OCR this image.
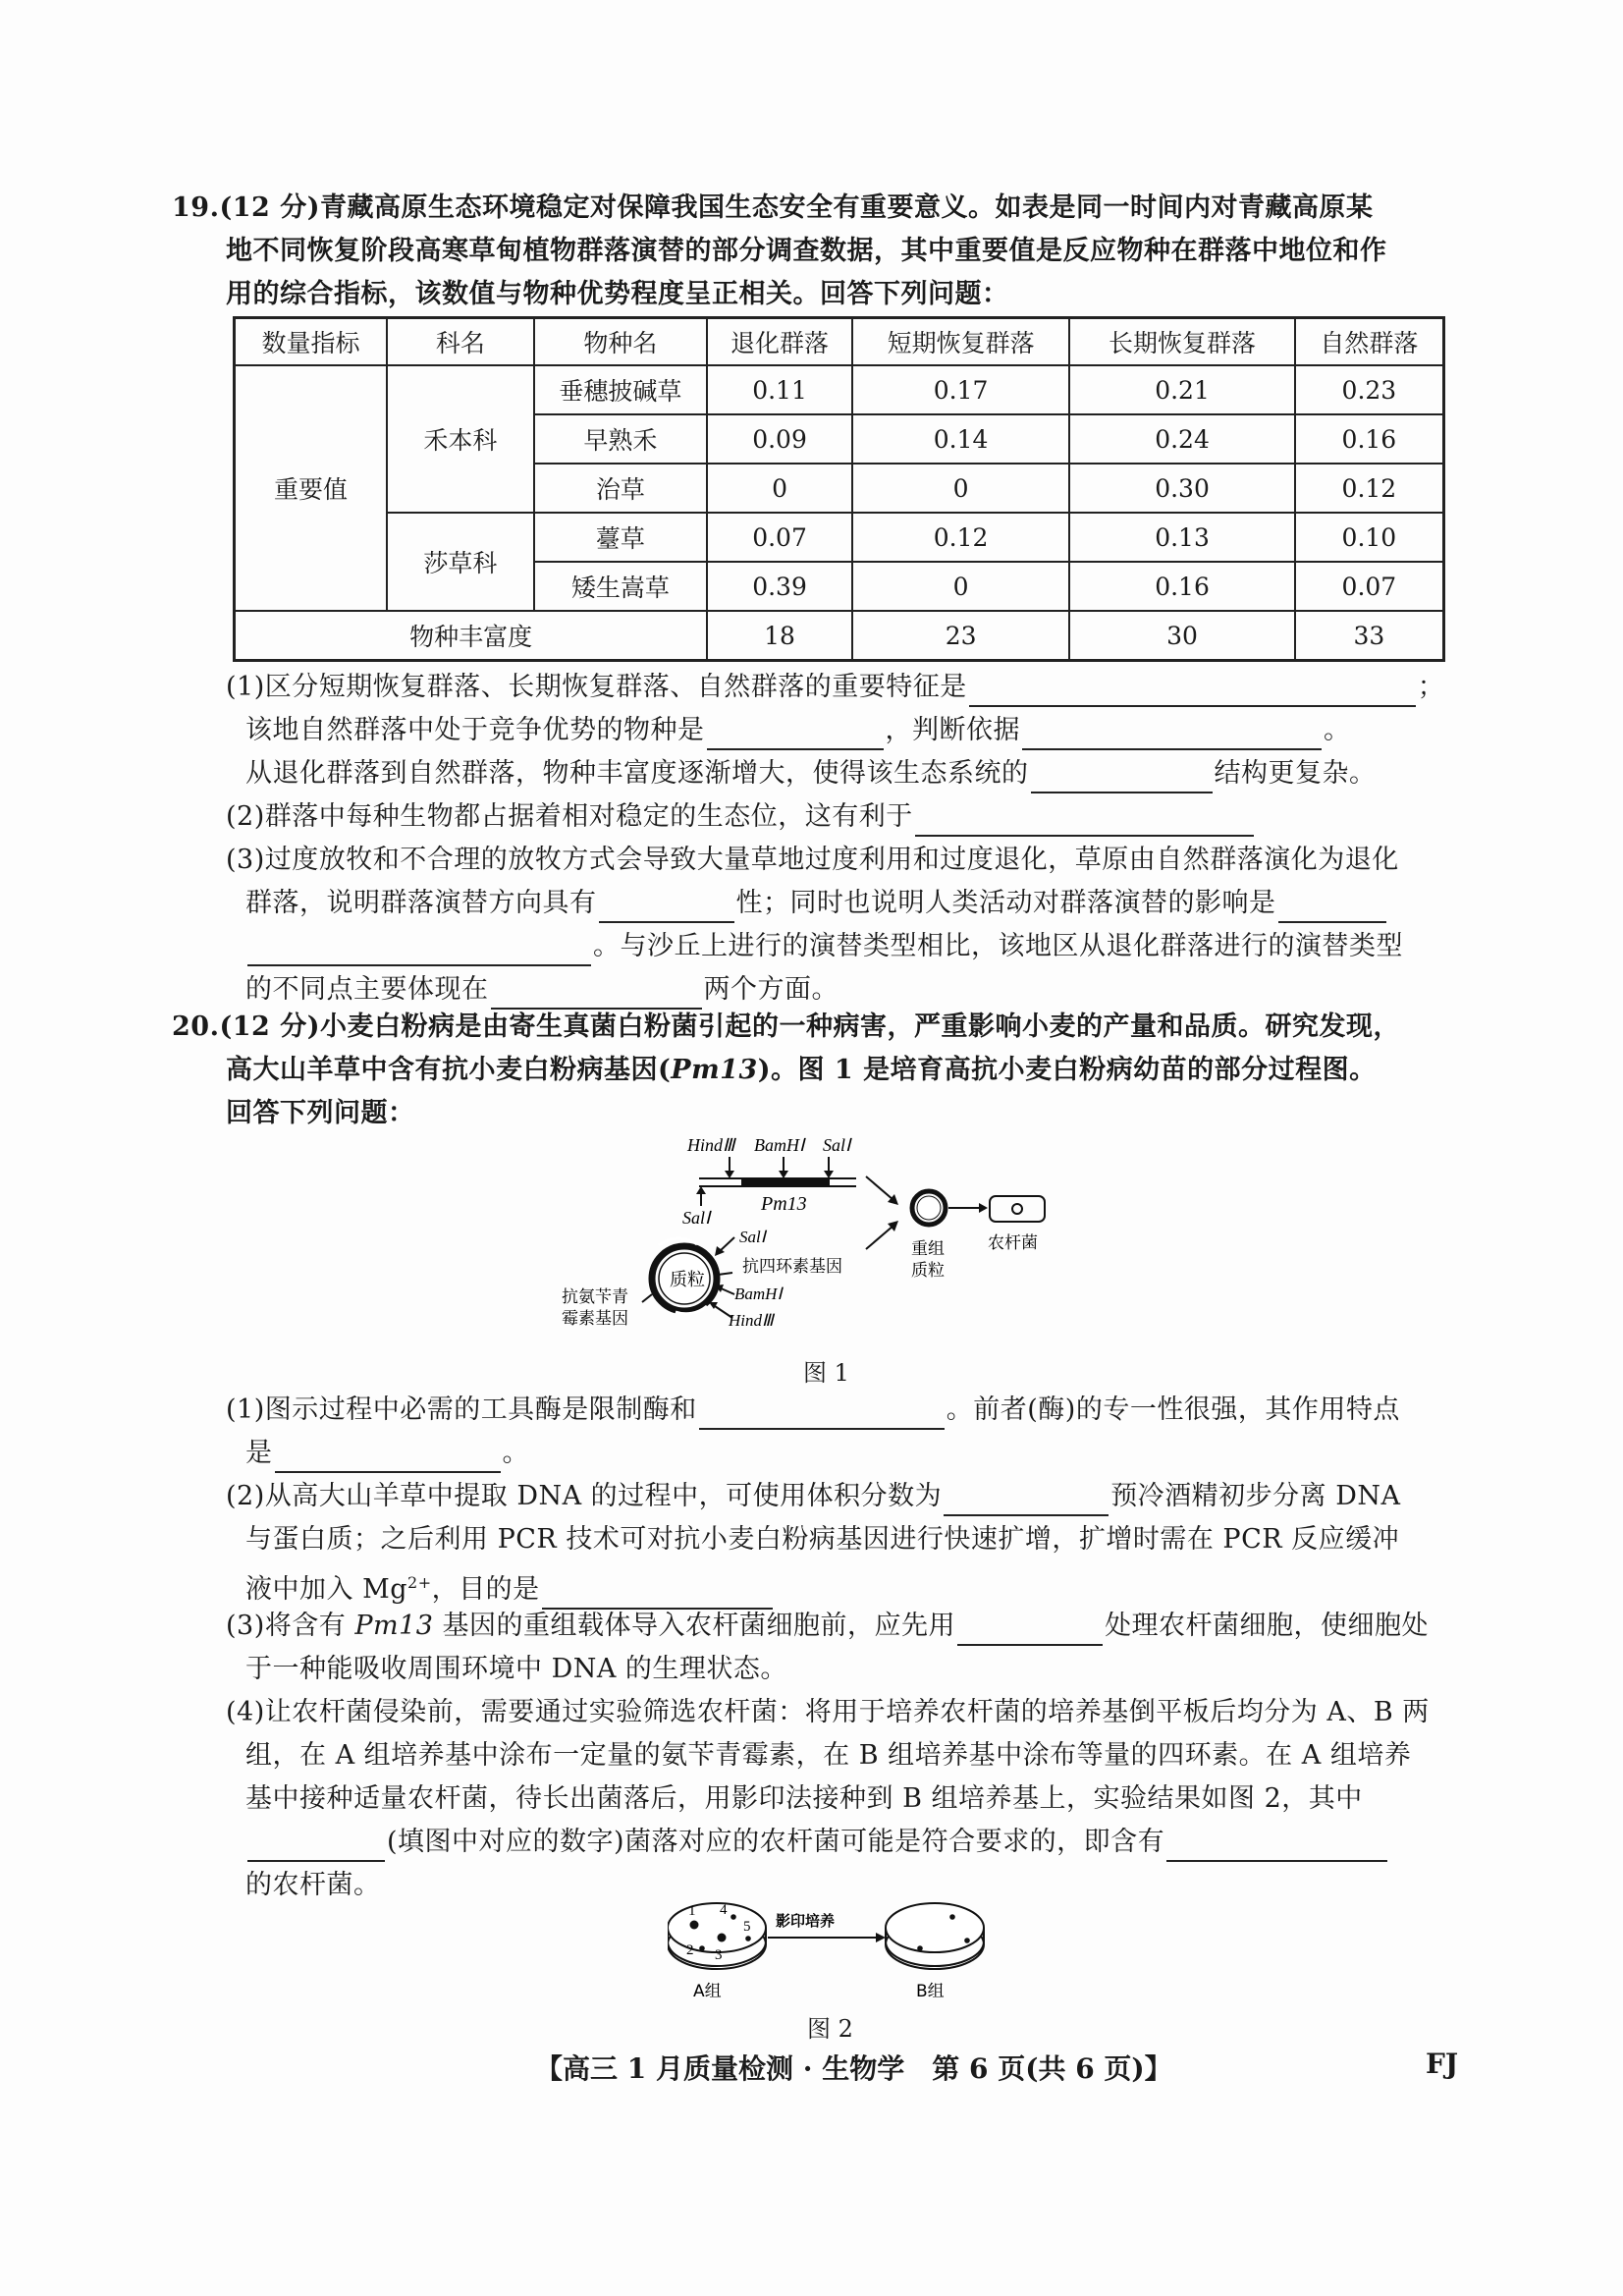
19.(12 分)青藏高原生态环境稳定对保障我国生态安全有重要意义。如表是同一时间内对青藏高原某
地不同恢复阶段高寒草甸植物群落演替的部分调查数据，其中重要值是反应物种在群落中地位和作
用的综合指标，该数值与物种优势程度呈正相关。回答下列问题：
数量指标	科名	物种名	退化群落	短期恢复群落	长期恢复群落	自然群落
重要值	禾本科	垂穗披碱草	0.11	0.17	0.21	0.23
		早熟禾	0.09	0.14	0.24	0.16
		治草	0	0	0.30	0.12
	莎草科	薹草	0.07	0.12	0.13	0.10
		矮生嵩草	0.39	0	0.16	0.07
物种丰富度			18	23	30	33
(1)区分短期恢复群落、长期恢复群落、自然群落的重要特征是	；
该地自然群落中处于竞争优势的物种是	，判断依据	。
从退化群落到自然群落，物种丰富度逐渐增大，使得该生态系统的	结构更复杂。
(2)群落中每种生物都占据着相对稳定的生态位，这有利于
(3)过度放牧和不合理的放牧方式会导致大量草地过度利用和过度退化，草原由自然群落演化为退化
群落，说明群落演替方向具有	性；同时也说明人类活动对群落演替的影响是
。与沙丘上进行的演替类型相比，该地区从退化群落进行的演替类型
的不同点主要体现在	两个方面。
20.(12 分)小麦白粉病是由寄生真菌白粉菌引起的一种病害，严重影响小麦的产量和品质。研究发现，
高大山羊草中含有抗小麦白粉病基因(Pm13)。图 1 是培育高抗小麦白粉病幼苗的部分过程图。
回答下列问题：
HindⅢ BamHⅠ SalⅠ
SalⅠ
Pm13
质粒
SalⅠ
BamHⅠ
HindⅢ
抗四环素基因
抗氨苄青
霉素基因
重组
质粒
农杆菌
图 1
(1)图示过程中必需的工具酶是限制酶和	。前者(酶)的专一性很强，其作用特点
是	。
(2)从高大山羊草中提取 DNA 的过程中，可使用体积分数为	预冷酒精初步分离 DNA
与蛋白质；之后利用 PCR 技术可对抗小麦白粉病基因进行快速扩增，扩增时需在 PCR 反应缓冲
液中加入 $Mg^{2+}$，目的是
(3)将含有 Pm13 基因的重组载体导入农杆菌细胞前，应先用	处理农杆菌细胞，使细胞处
于一种能吸收周围环境中 DNA 的生理状态。
(4)让农杆菌侵染前，需要通过实验筛选农杆菌：将用于培养农杆菌的培养基倒平板后均分为 A、B 两
组，在 A 组培养基中涂布一定量的氨苄青霉素，在 B 组培养基中涂布等量的四环素。在 A 组培养
基中接种适量农杆菌，待长出菌落后，用影印法接种到 B 组培养基上，实验结果如图 2，其中
(填图中对应的数字)菌落对应的农杆菌可能是符合要求的，即含有
的农杆菌。
1
2 3
4
5 影印培养
A组	B组
图 2
【高三 1 月质量检测 · 生物学　第 6 页(共 6 页)】	FJ
